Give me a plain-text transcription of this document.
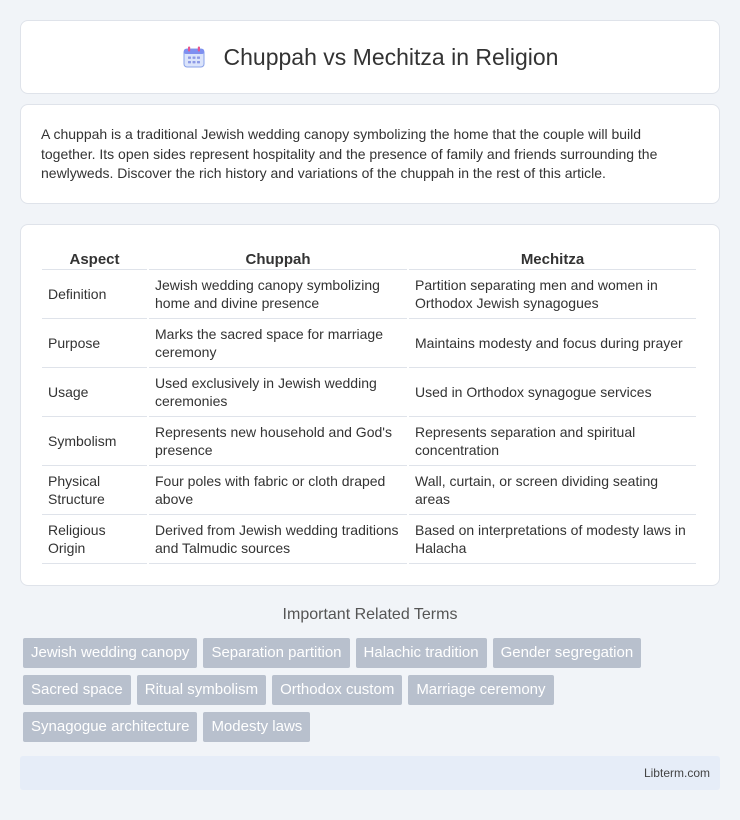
Chuppah vs Mechitza in Religion

A chuppah is a traditional Jewish wedding canopy symbolizing the home that the couple will build together. Its open sides represent hospitality and the presence of family and friends surrounding the newlyweds. Discover the rich history and variations of the chuppah in the rest of this article.

Aspect	Chuppah	Mechitza
Definition	Jewish wedding canopy symbolizing home and divine presence	Partition separating men and women in Orthodox Jewish synagogues
Purpose	Marks the sacred space for marriage ceremony	Maintains modesty and focus during prayer
Usage	Used exclusively in Jewish wedding ceremonies	Used in Orthodox synagogue services
Symbolism	Represents new household and God's presence	Represents separation and spiritual concentration
Physical Structure	Four poles with fabric or cloth draped above	Wall, curtain, or screen dividing seating areas
Religious Origin	Derived from Jewish wedding traditions and Talmudic sources	Based on interpretations of modesty laws in Halacha
Important Related Terms
Jewish wedding canopy	Separation partition	Halachic tradition	Gender segregation
Sacred space	Ritual symbolism	Orthodox custom	Marriage ceremony
Synagogue architecture	Modesty laws
Libterm.com
